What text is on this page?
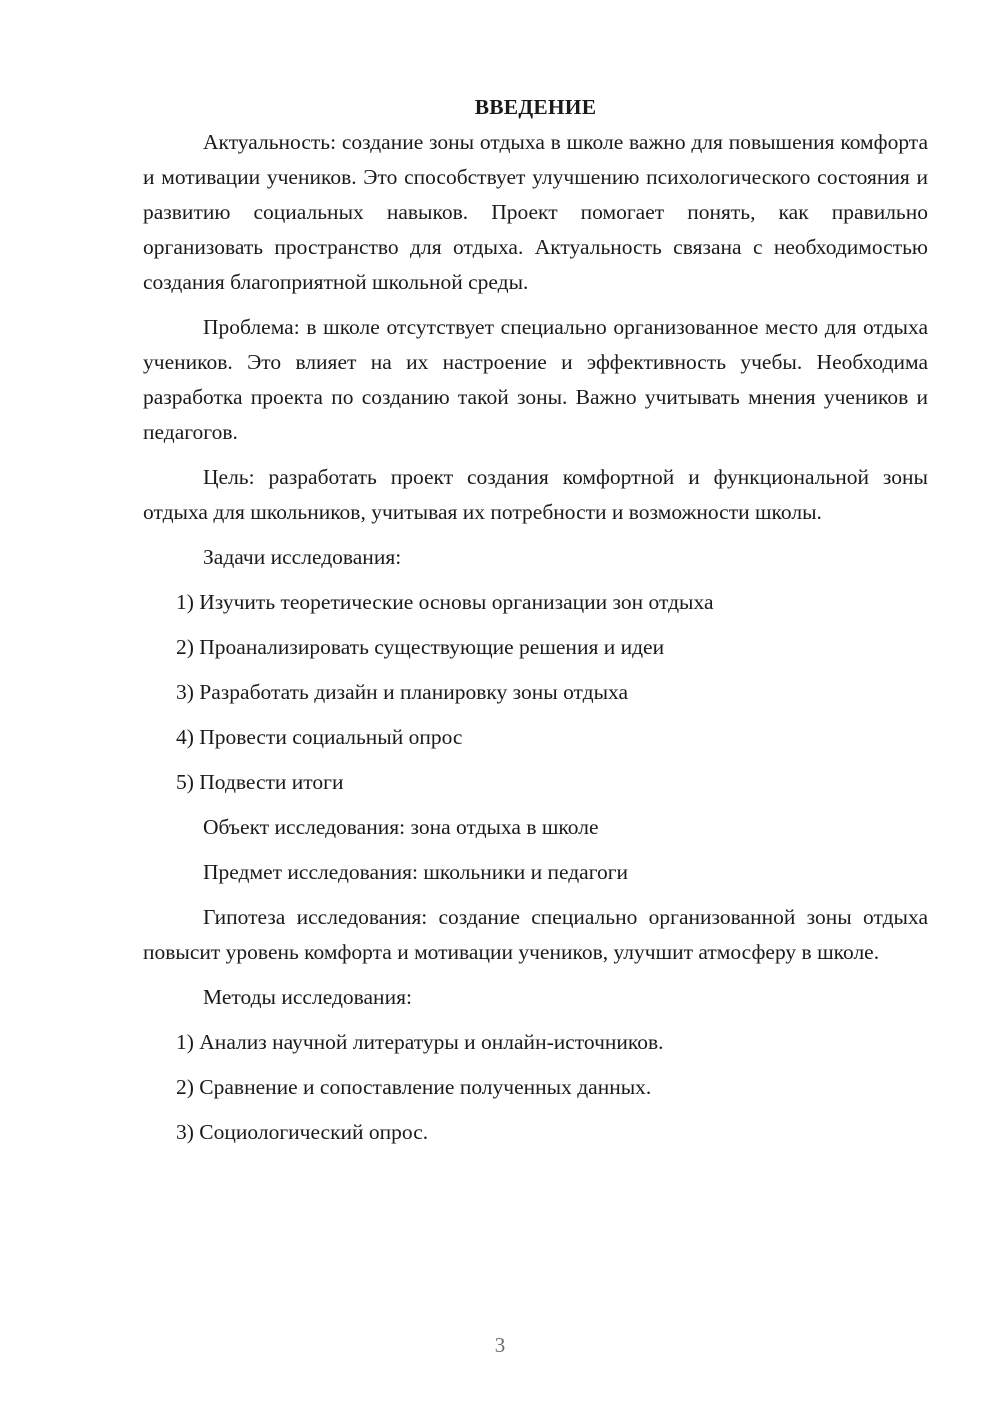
ВВЕДЕНИЕ

Актуальность: создание зоны отдыха в школе важно для повышения комфорта и мотивации учеников. Это способствует улучшению психологического состояния и развитию социальных навыков. Проект помогает понять, как правильно организовать пространство для отдыха. Актуальность связана с необходимостью создания благоприятной школьной среды.

Проблема: в школе отсутствует специально организованное место для отдыха учеников. Это влияет на их настроение и эффективность учебы. Необходима разработка проекта по созданию такой зоны. Важно учитывать мнения учеников и педагогов.

Цель: разработать проект создания комфортной и функциональной зоны отдыха для школьников, учитывая их потребности и возможности школы.

Задачи исследования:
1) Изучить теоретические основы организации зон отдыха
2) Проанализировать существующие решения и идеи
3) Разработать дизайн и планировку зоны отдыха
4) Провести социальный опрос
5) Подвести итоги
Объект исследования: зона отдыха в школе
Предмет исследования: школьники и педагоги

Гипотеза исследования: создание специально организованной зоны отдыха повысит уровень комфорта и мотивации учеников, улучшит атмосферу в школе.

Методы исследования:
1) Анализ научной литературы и онлайн-источников.
2) Сравнение и сопоставление полученных данных.
3) Социологический опрос.
3
